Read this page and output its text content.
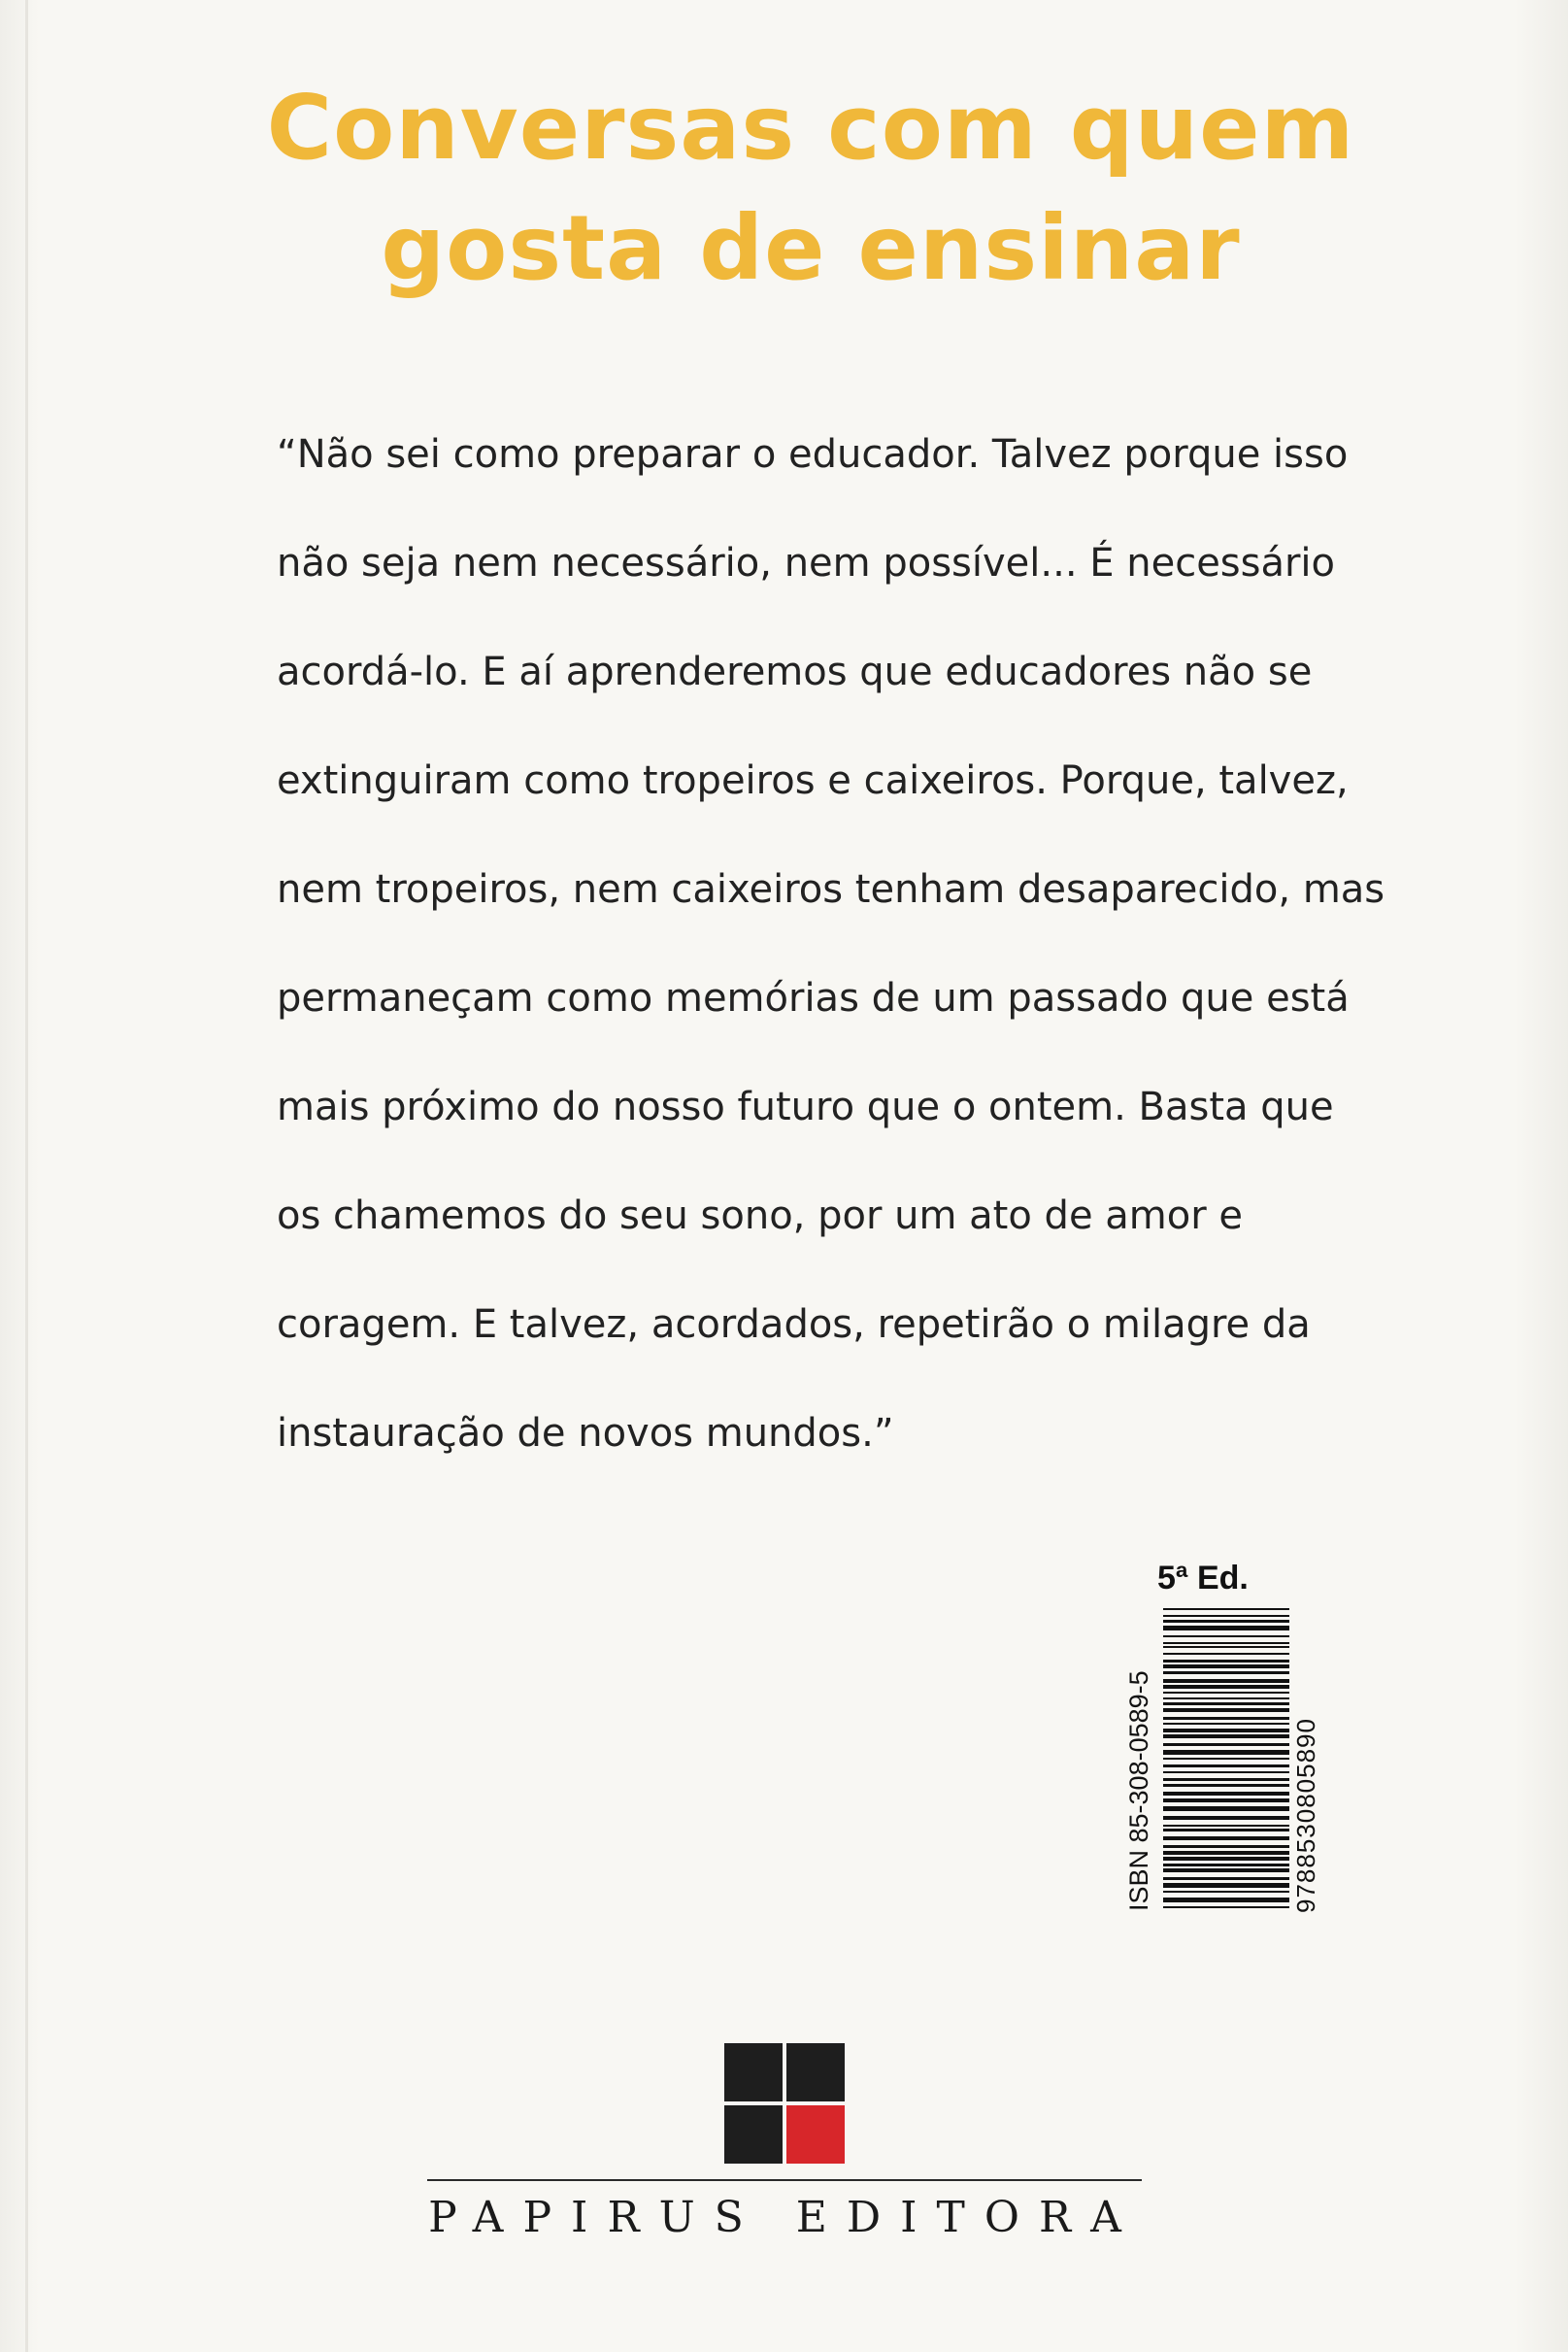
Conversas com quem
gosta de ensinar

“Não sei como preparar o educador. Talvez porque isso
não seja nem necessário, nem possível... É necessário
acordá-lo. E aí aprenderemos que educadores não se
extinguiram como tropeiros e caixeiros. Porque, talvez,
nem tropeiros, nem caixeiros tenham desaparecido, mas
permaneçam como memórias de um passado que está
mais próximo do nosso futuro que o ontem. Basta que
os chamemos do seu sono, por um ato de amor e
coragem. E talvez, acordados, repetirão o milagre da
instauração de novos mundos.”

5ª Ed.
ISBN 85-308-0589-5	9788530805890
PAPIRUS EDITORA
